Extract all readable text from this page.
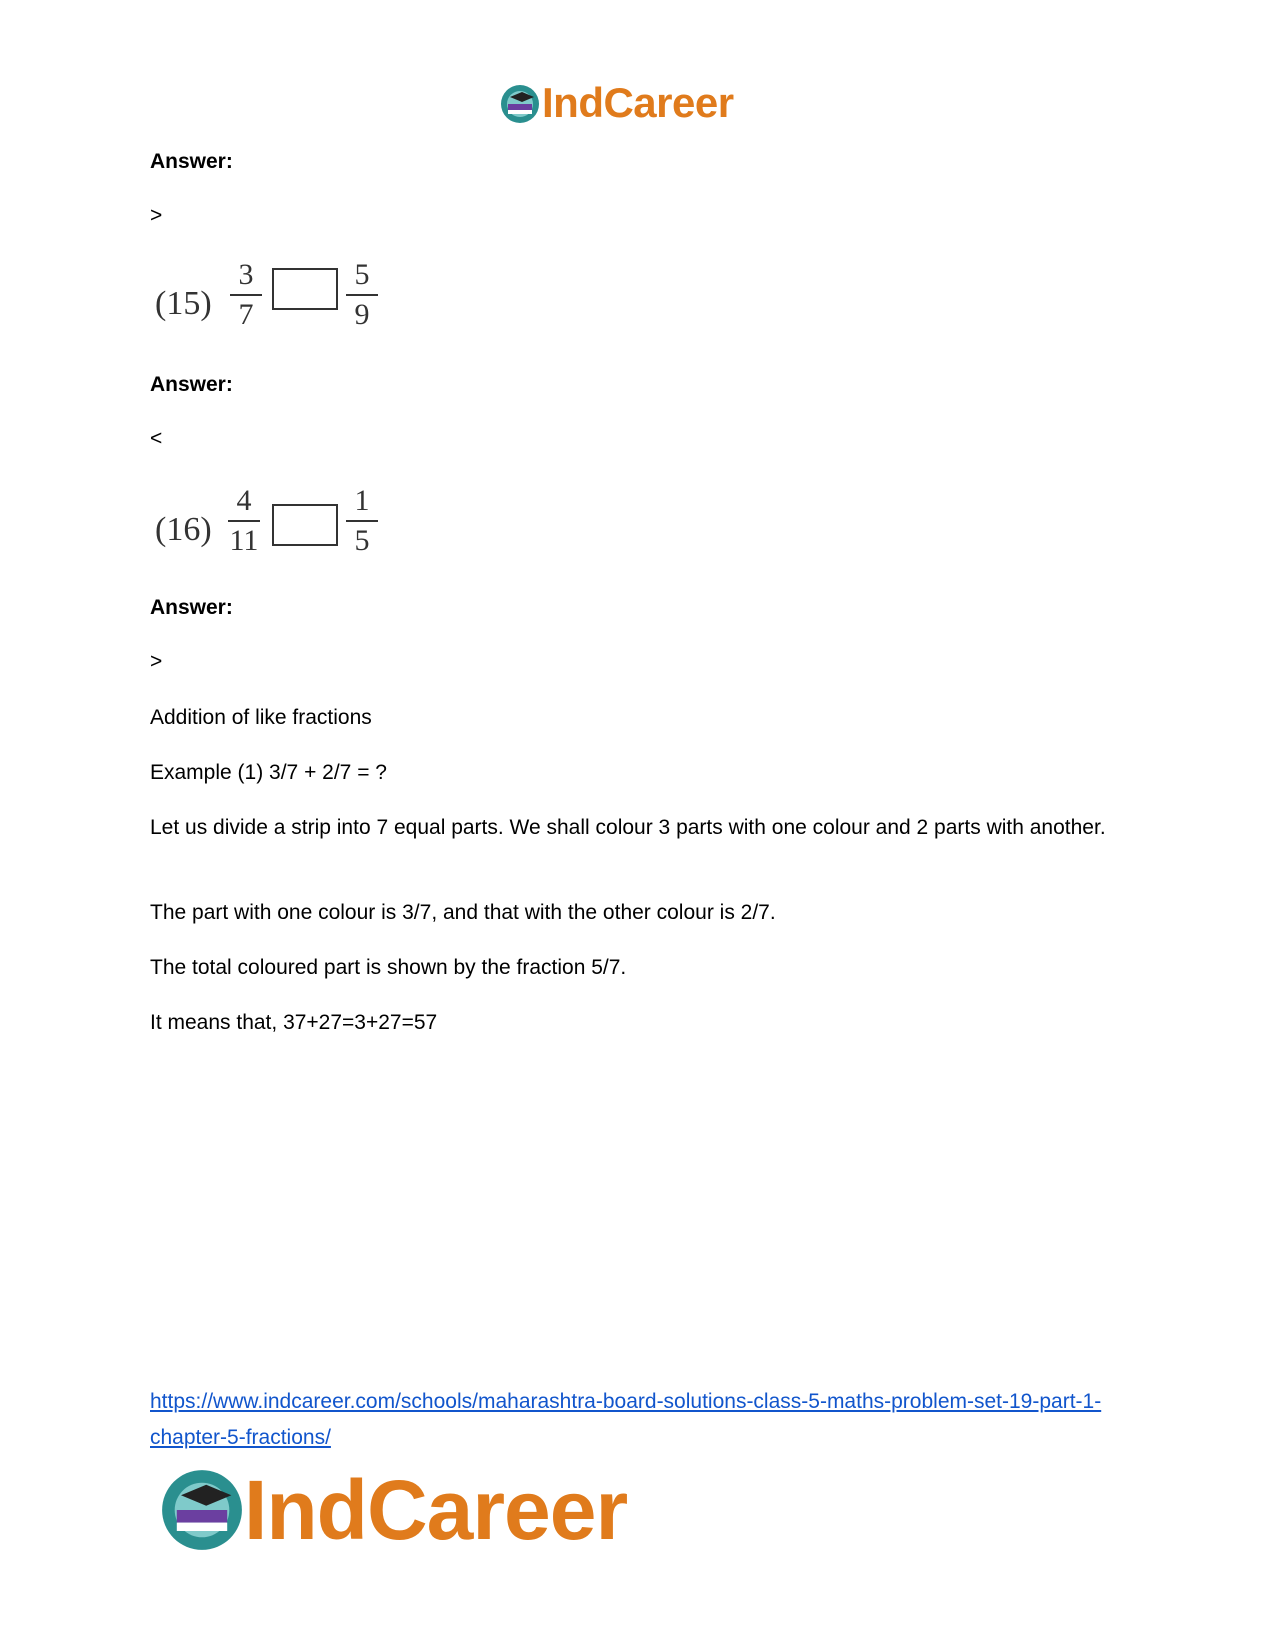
IndCareer

Answer:

>

(15)
3
7
5
9

Answer:

<

(16)
4
11
1
5

Answer:

>

Addition of like fractions

Example (1) 3/7 + 2/7 = ?

Let us divide a strip into 7 equal parts. We shall colour 3 parts with one colour and 2 parts with another.

The part with one colour is 3/7, and that with the other colour is 2/7.

The total coloured part is shown by the fraction 5/7.

It means that, 37+27=3+27=57

https://www.indcareer.com/schools/maharashtra-board-solutions-class-5-maths-problem-set-19-part-1-chapter-5-fractions/

IndCareer
